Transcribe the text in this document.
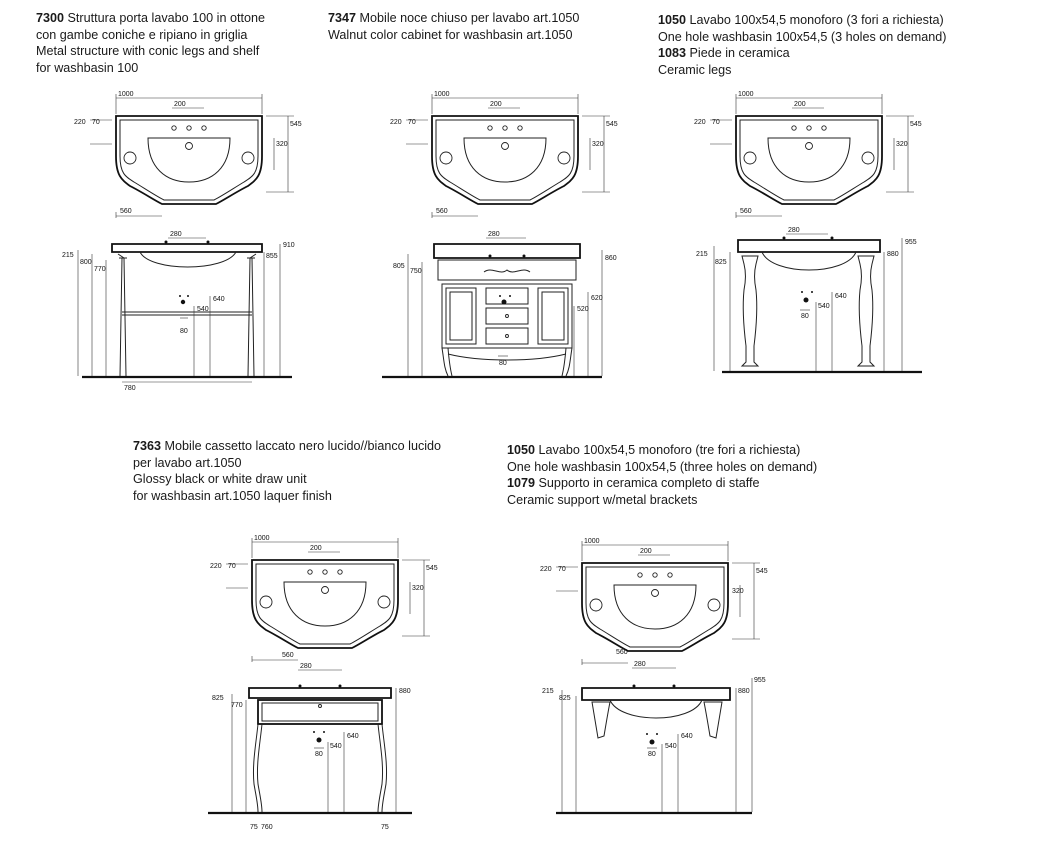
7300 Struttura porta lavabo 100 in ottone
con gambe coniche e ripiano in griglia
Metal structure with conic legs and shelf
for washbasin 100
7347 Mobile noce chiuso per lavabo art.1050
Walnut color cabinet for washbasin art.1050
1050 Lavabo 100x54,5 monoforo (3 fori a richiesta)
One hole washbasin 100x54,5 (3 holes on demand)
1083 Piede in ceramica
Ceramic legs
7363 Mobile cassetto laccato nero lucido//bianco lucido
per lavabo art.1050
Glossy black or white draw unit
for washbasin art.1050 laquer finish
1050 Lavabo 100x54,5 monoforo (tre fori a richiesta)
One hole washbasin 100x54,5 (three holes on demand)
1079 Supporto in ceramica completo di staffe
Ceramic support w/metal brackets
1000
200
220 70	545
320
560
1000
200
220 70	545
320
560
1000
200
220 70	545
320
560
1000
200
220 70	545
320
560
1000
200
220 70	545
320
560
280
215
800
770
910
855
640
540
80
780
280
805
750
860
620
520
80
280
215
825
955
880
640
540
80
280
825
770
880
640
540
80
75 760	75
280
215
825
955
880
640
540
80
